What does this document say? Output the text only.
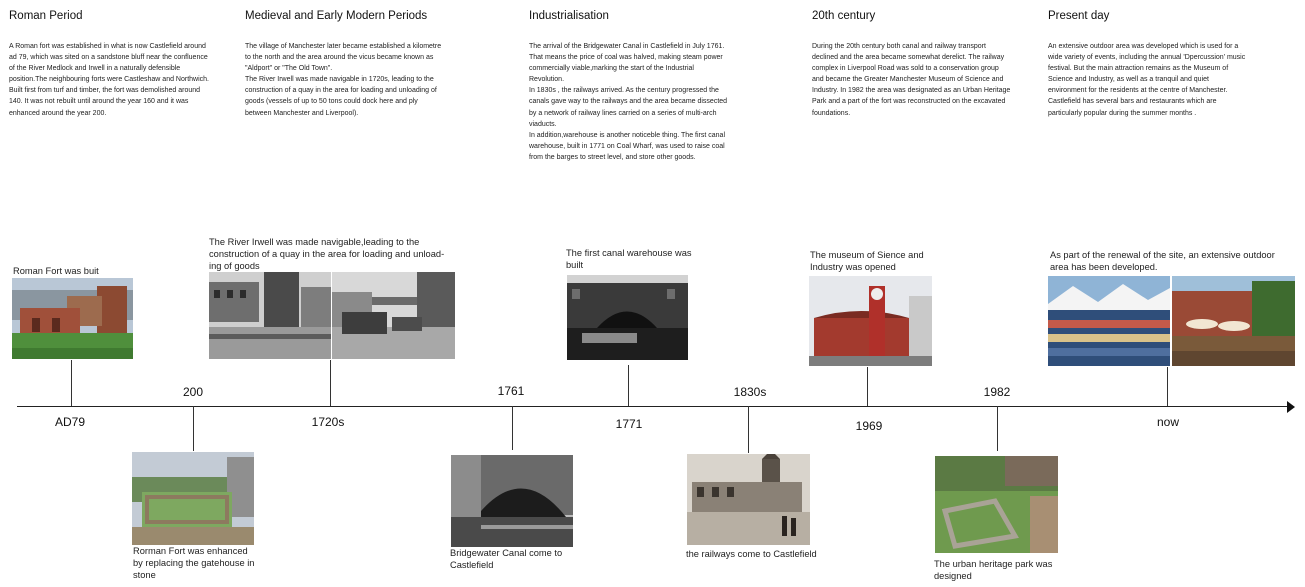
Roman Period

A Roman fort was established in what is now Castlefield around ad 79, which was sited on a sandstone bluff near the confluence of the River Medlock and Irwell in a naturally defensible position.The neighbouring forts were Castleshaw and Northwich. Built first from turf and timber, the fort was demolished around 140. It was not rebuilt until around the year 160 and it was enhanced around the year 200.

Medieval and Early Modern Periods

The village of Manchester later became established a kilometre to the north and the area around the vicus became known as "Aldport" or "The Old Town".

The River Irwell was made navigable in 1720s, leading to the construction of a quay in the area for loading and unloading of goods (vessels of up to 50 tons could dock here and ply between Manchester and Liverpool).

Industrialisation

The arrival of the Bridgewater Canal in Castlefield in July 1761. That means the price of coal was halved, making steam power commercially viable,marking the start of the Industrial Revolution.

In 1830s , the railways arrived. As the century progressed the canals gave way to the railways and the area became dissected by a network of railway lines carried on a series of multi-arch viaducts.

In addition,warehouse is another noticeble thing. The first canal warehouse, built in 1771 on Coal Wharf, was used to raise coal from the barges to street level, and store other goods.

20th century

During the 20th century both canal and railway transport declined and the area became somewhat derelict. The railway complex in Liverpool Road was sold to a conservation group and became the Greater Manchester Museum of Science and Industry. In 1982 the area was designated as an Urban Heritage Park and a part of the fort was reconstructed on the excavated foundations.

Present day

An extensive outdoor area was developed which is used for a wide variety of events, including the annual 'Dpercussion' music festival. But the main attraction remains as the Museum of Science and Industry, as well as a tranquil and quiet environment for the residents at the centre of Manchester. Castlefield has several bars and restaurants which are particularly popular during the summer months .

Roman Fort was buit
AD79
The River Irwell was made navigable,leading to the construction of a quay in the area for loading and unload-ing of goods
1720s
The first canal warehouse was built
1771
The museum of Sience and Industry was opened
1969
As part of the renewal of the site, an extensive outdoor area has been developed.
now
200
Rorman Fort was enhanced by replacing the gatehouse in stone
1761
Bridgewater Canal come to Castlefield
1830s
the railways come to Castlefield
1982
The urban heritage park was designed
